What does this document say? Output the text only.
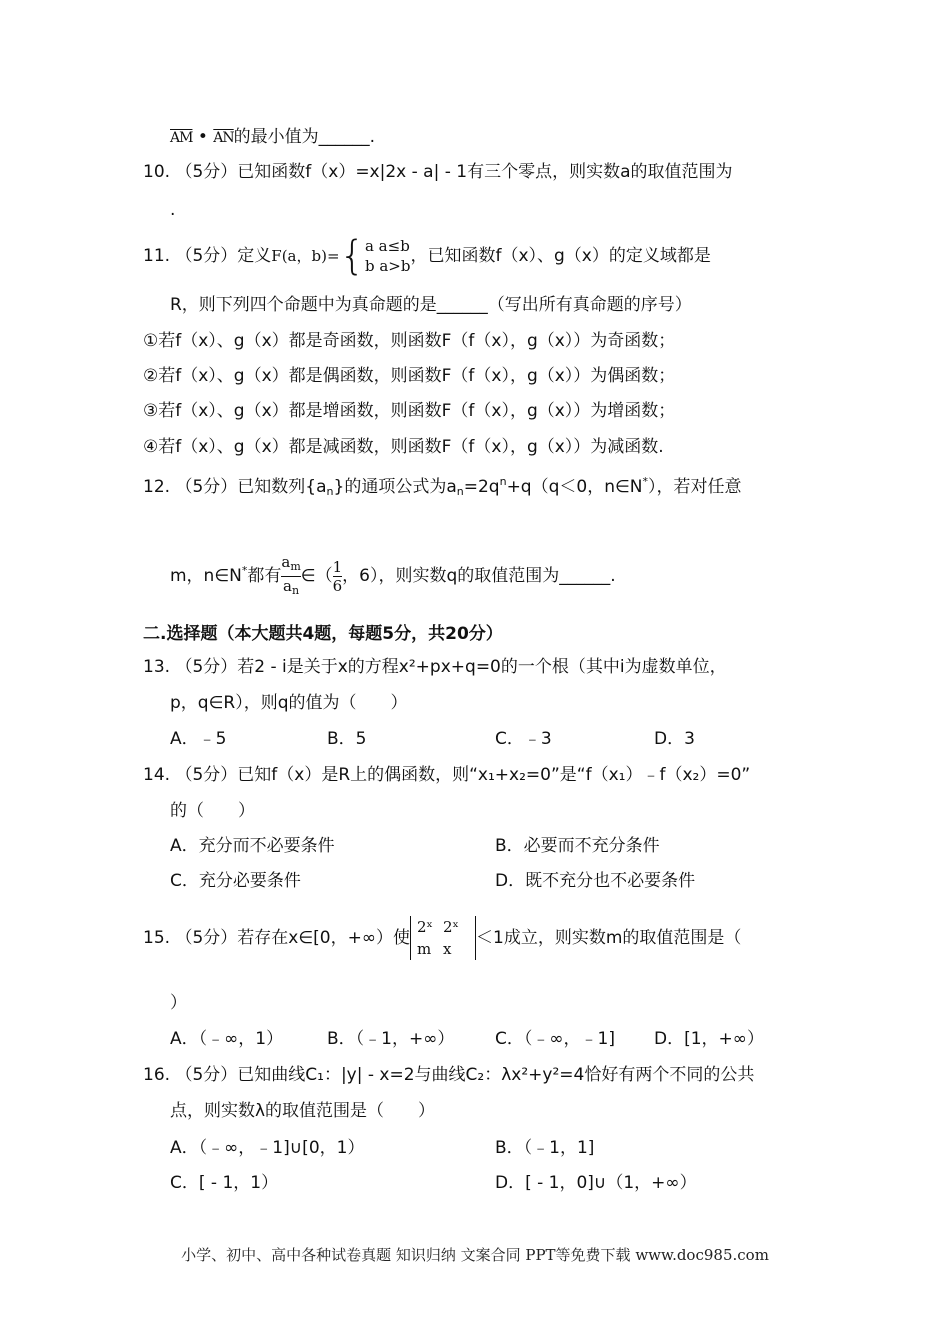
$\overline{AM}$ • $\overline{AN}$的最小值为______.
10. （5分）已知函数f（x）=x|2x - a| - 1有三个零点，则实数a的取值范围为
.
11. （5分）定义F(a，b)={ a a≤b
b a>b ，已知函数f（x）、g（x）的定义域都是
R，则下列四个命题中为真命题的是______（写出所有真命题的序号）
①若f（x）、g（x）都是奇函数，则函数F（f（x），g（x））为奇函数；
②若f（x）、g（x）都是偶函数，则函数F（f（x），g（x））为偶函数；
③若f（x）、g（x）都是增函数，则函数F（f（x），g（x））为增函数；
④若f（x）、g（x）都是减函数，则函数F（f（x），g（x））为减函数.
12. （5分）已知数列$\{a_n\}$的通项公式为$a_n=2q^n+q(q<0$，n∈N*），若对任意
m，n∈N*都有 $\frac{a_m}{a_n}$ ∈（ $\frac{1}{6}$ ，6），则实数q的取值范围为______.
二.选择题（本大题共4题，每题5分，共20分）
13. （5分）若2 - i是关于x的方程x²+px+q=0的一个根（其中i为虚数单位，
p，q∈R），则q的值为（　　）
A．﹣5	B．5	C．﹣3	D．3
14. （5分）已知f（x）是R上的偶函数，则“x₁+x₂=0”是“f（x₁）﹣f（x₂）=0”
的（　　）
A．充分而不必要条件	B．必要而不充分条件
C．充分必要条件	D．既不充分也不必要条件
15. （5分）若存在x∈[0，+∞）使
2ˣ 2ˣ
m x
＜1成立，则实数m的取值范围是（
）
A．（﹣∞，1）	B．（﹣1，+∞） C．（﹣∞，﹣1] D．[1，+∞）
16. （5分）已知曲线C₁：|y| - x=2与曲线C₂：λx²+y²=4恰好有两个不同的公共
点，则实数λ的取值范围是（　　）
A．（﹣∞，﹣1]∪[0，1）	B．（﹣1，1]
C．[ - 1，1）	D．[ - 1，0]∪（1，+∞）
小学、初中、高中各种试卷真题 知识归纳 文案合同 PPT等免费下载 www.doc985.com
